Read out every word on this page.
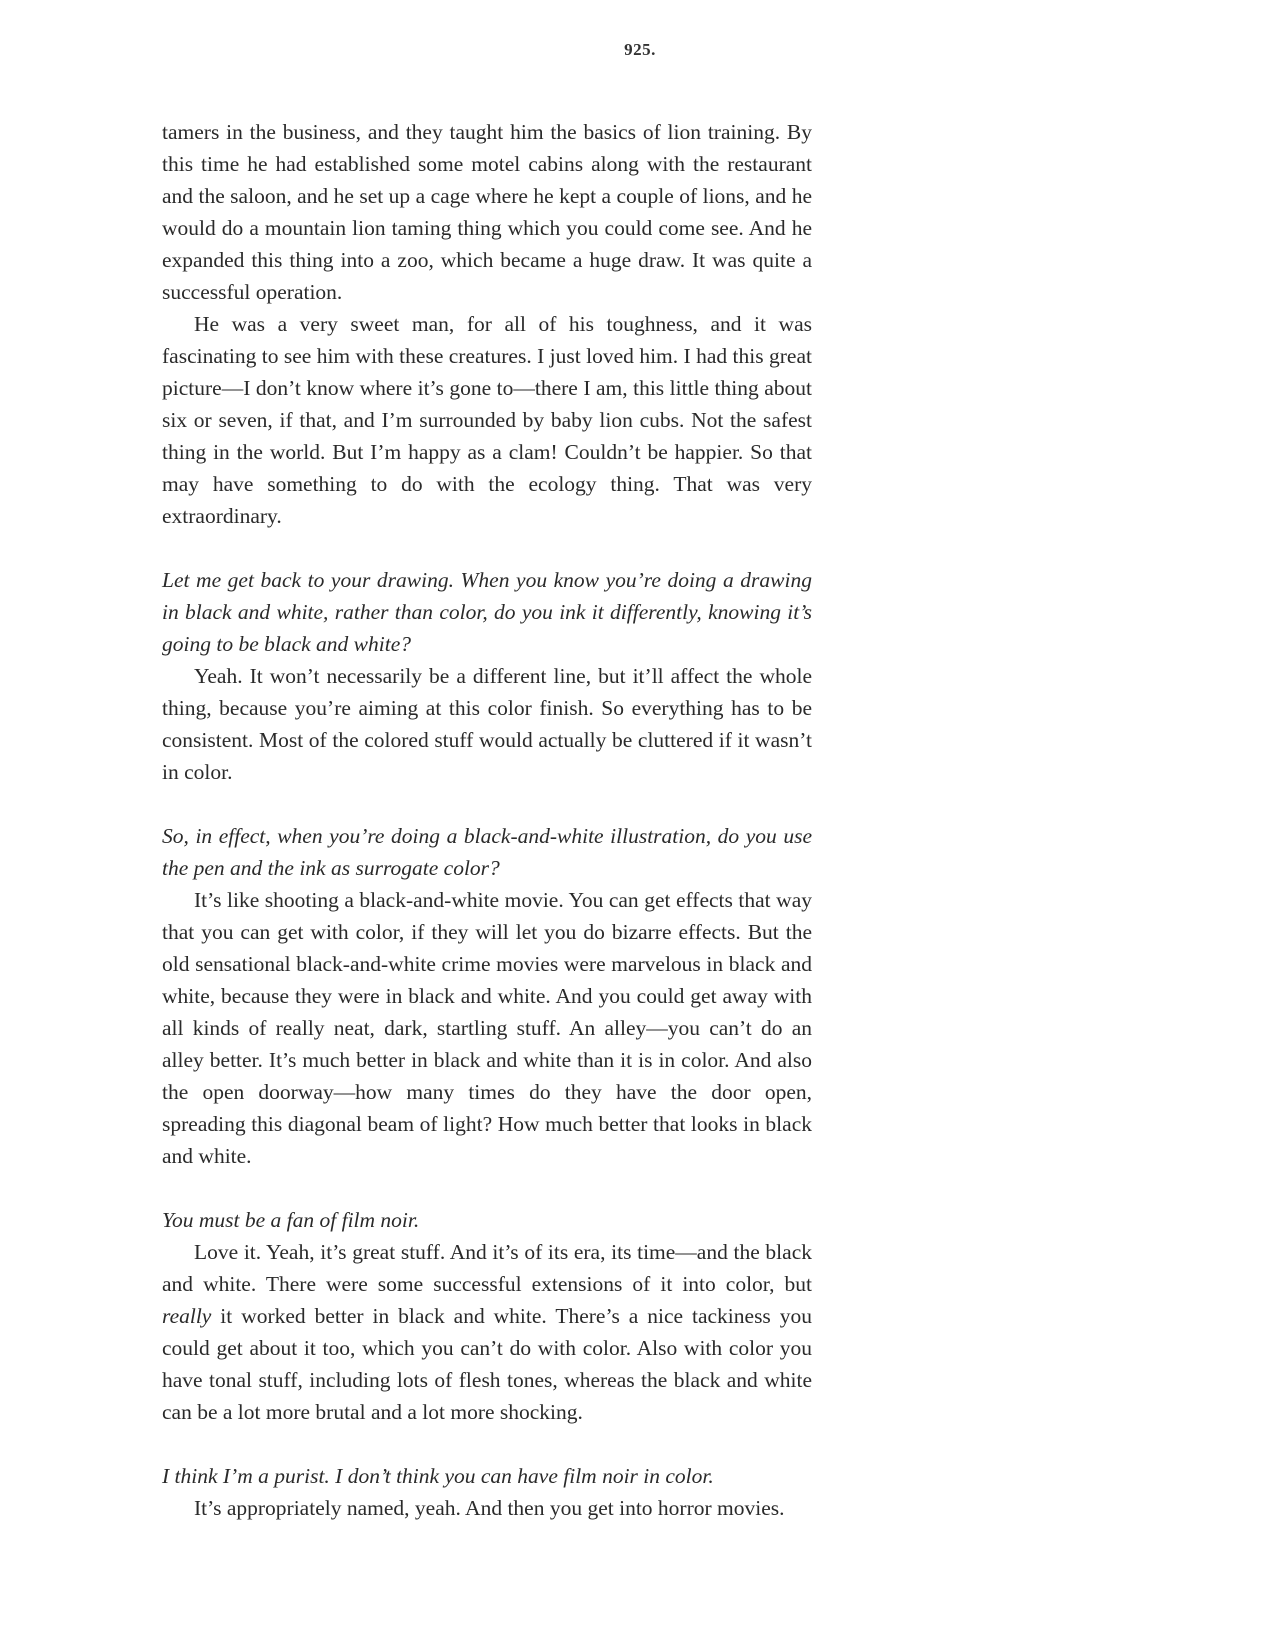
925.

tamers in the business, and they taught him the basics of lion training. By this time he had established some motel cabins along with the restaurant and the saloon, and he set up a cage where he kept a couple of lions, and he would do a mountain lion taming thing which you could come see. And he expanded this thing into a zoo, which became a huge draw. It was quite a successful operation.

He was a very sweet man, for all of his toughness, and it was fascinating to see him with these creatures. I just loved him. I had this great picture—I don’t know where it’s gone to—there I am, this little thing about six or seven, if that, and I’m surrounded by baby lion cubs. Not the safest thing in the world. But I’m happy as a clam! Couldn’t be happier. So that may have something to do with the ecology thing. That was very extraordinary.

Let me get back to your drawing. When you know you’re doing a drawing in black and white, rather than color, do you ink it differently, knowing it’s going to be black and white?

Yeah. It won’t necessarily be a different line, but it’ll affect the whole thing, because you’re aiming at this color finish. So everything has to be consistent. Most of the colored stuff would actually be cluttered if it wasn’t in color.

So, in effect, when you’re doing a black-and-white illustration, do you use the pen and the ink as surrogate color?

It’s like shooting a black-and-white movie. You can get effects that way that you can get with color, if they will let you do bizarre effects. But the old sensational black-and-white crime movies were marvelous in black and white, because they were in black and white. And you could get away with all kinds of really neat, dark, startling stuff. An alley—you can’t do an alley better. It’s much better in black and white than it is in color. And also the open doorway—how many times do they have the door open, spreading this diagonal beam of light? How much better that looks in black and white.

You must be a fan of film noir.

Love it. Yeah, it’s great stuff. And it’s of its era, its time—and the black and white. There were some successful extensions of it into color, but really it worked better in black and white. There’s a nice tackiness you could get about it too, which you can’t do with color. Also with color you have tonal stuff, including lots of flesh tones, whereas the black and white can be a lot more brutal and a lot more shocking.

I think I’m a purist. I don’t think you can have film noir in color.

It’s appropriately named, yeah. And then you get into horror movies.
